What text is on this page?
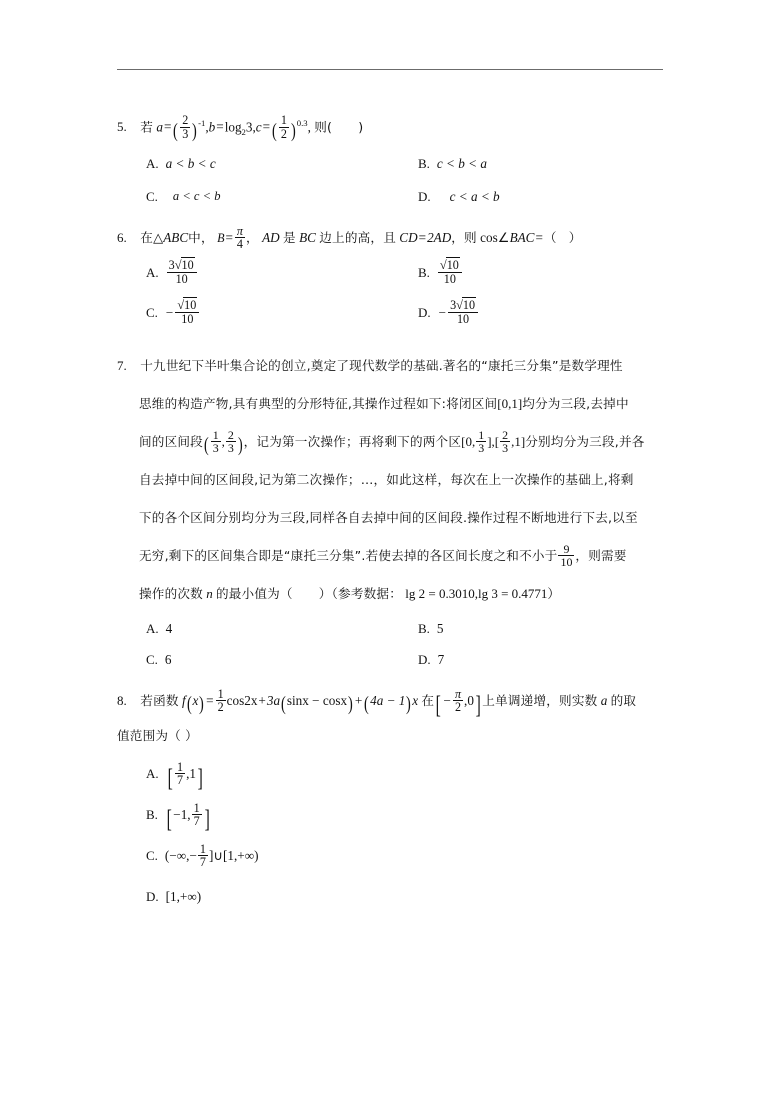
5. 若 $a=( \frac{2}{3} )^{-1},b=\log_23,c=( \frac{1}{2} )^{0.3}$, 则( )
A. a < b < c	B. c < b < a
C.	a < c < b	D.	c < a < b
6. 在△ABC中， $B= \frac{\pi}{4}$ ， AD 是 BC 边上的高，且 CD=2AD，则 cos∠BAC=（ ）
A. $\frac{3√10}{10}$	B. $\frac{√10}{10}$
C. − $\frac{√10}{10}$	D. − $\frac{3√10}{10}$
7. 十九世纪下半叶集合论的创立,奠定了现代数学的基础.著名的“康托三分集”是数学理性
思维的构造产物,具有典型的分形特征,其操作过程如下:将闭区间[0,1]均分为三段,去掉中
间的区间段( $\frac{1}{3}$ , $\frac{2}{3}$ )，记为第一次操作；再将剩下的两个区[0, $\frac{1}{3}$ ],[ $\frac{2}{3} ,1$]分别均分为三段,并各
自去掉中间的区间段,记为第二次操作；…，如此这样，每次在上一次操作的基础上,将剩
下的各个区间分别均分为三段,同样各自去掉中间的区间段.操作过程不断地进行下去,以至
无穷,剩下的区间集合即是“康托三分集”.若使去掉的各区间长度之和不小于 $\frac{9}{10}$ ，则需要
操作的次数 n 的最小值为（ ）（参考数据： lg 2 = 0.3010,lg 3 = 0.4771）
A. 4	B. 5
C. 6	D. 7
8. 若函数 $f(x) = \frac{1}{2} \cos 2x+3a(\sin x - \cos x) +(4a - 1)x$ 在[ − $\frac{\pi}{2} ,0$] 上单调递增，则实数 a 的取
值范围为（ ）
A. [ $\frac{1}{7} ,1$]
B. [ −1, $\frac{1}{7}$ ]
C. (−∞,− $\frac{1}{7}$ ]∪[1,+∞)
D. [1,+∞)
